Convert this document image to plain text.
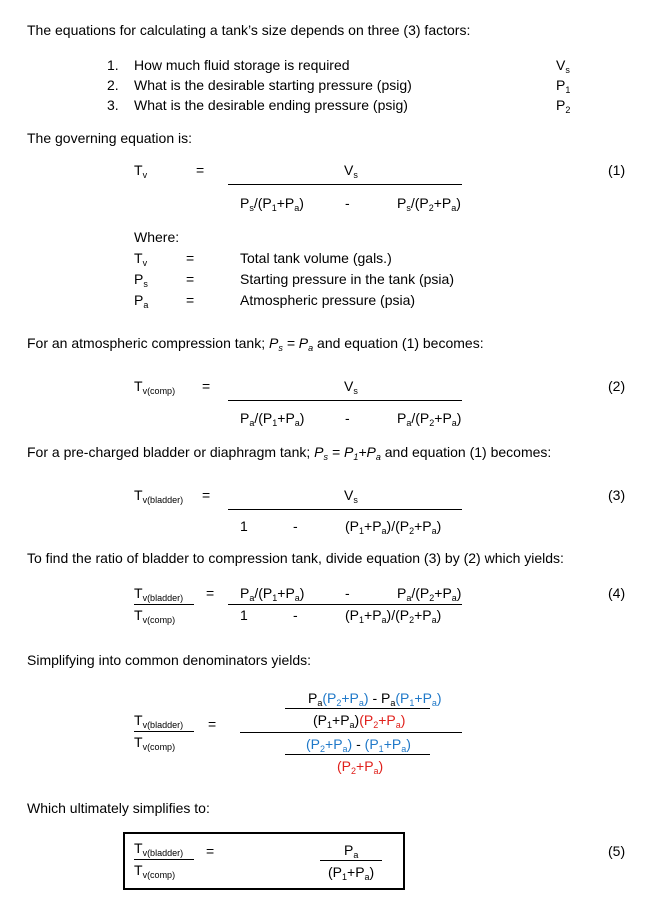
The equations for calculating a tank’s size depends on three (3) factors:
1. How much fluid storage is required	$V_s$
2. What is the desirable starting pressure (psig)	$P_1$
3. What is the desirable ending pressure (psig)	$P_2$
The governing equation is:
$T_v$	=	$V_s$
$P_s/(P_1+P_a)$	-	$P_s/(P_2+P_a)$
(1)
Where:
$T_v$	=	Total tank volume (gals.)
$P_s$	=	Starting pressure in the tank (psia)
$P_a$	=	Atmospheric pressure (psia)
For an atmospheric compression tank; $P_s = P_a$ and equation (1) becomes:
$T_{v(comp)}$ =	$V_s$
$P_a/(P_1+P_a)$	-	$P_a/(P_2+P_a)$
(2)
For a pre-charged bladder or diaphragm tank; $P_s = P_1+P_a$ and equation (1) becomes:
$T_{v(bladder)}$ =	$V_s$
1	-	$(P_1+P_a)/(P_2+P_a)$
(3)
To find the ratio of bladder to compression tank, divide equation (3) by (2) which yields:
$T_{v(bladder)}$
$T_{v(comp)}$
= $P_a/(P_1+P_a)$	-	$P_a/(P_2+P_a)$
1	-	$(P_1+P_a)/(P_2+P_a)$
(4)
Simplifying into common denominators yields:
$P_a(P_2+P_a) - P_a(P_1+P_a)$
$(P_1+P_a)(P_2+P_a)$
$T_{v(bladder)}$
$T_{v(comp)}$
=
$(P_2+P_a) - (P_1+P_a)$
$(P_2+P_a)$
Which ultimately simplifies to:
$T_{v(bladder)}$
$T_{v(comp)}$
=	$P_a$
$(P_1+P_a)$
(5)
